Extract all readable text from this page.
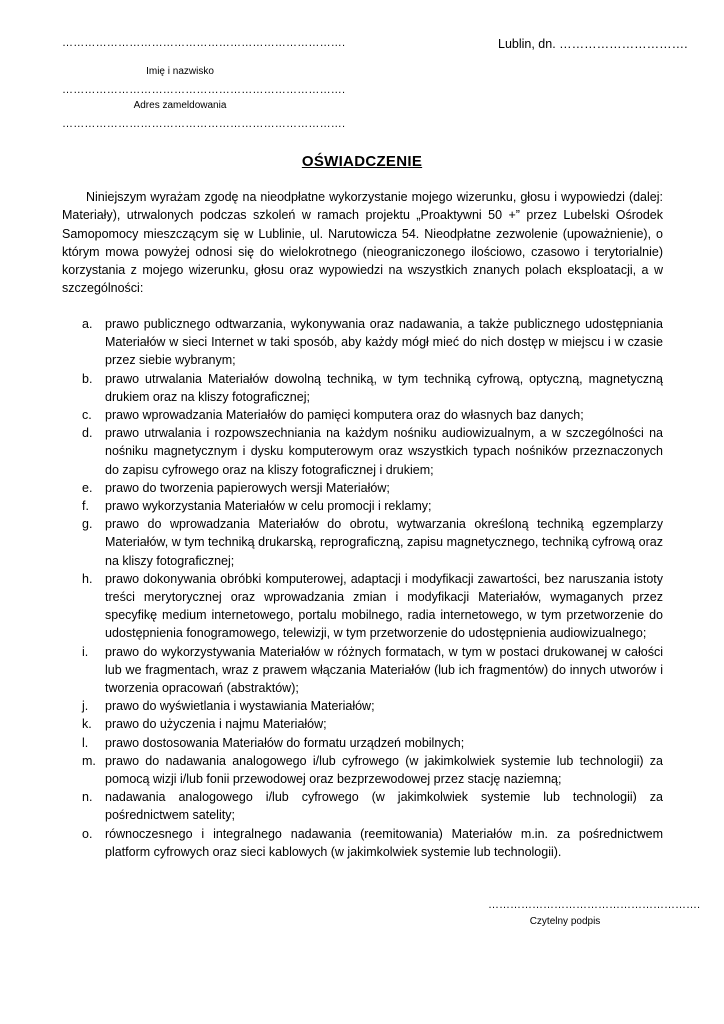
………………………………………………………………….
Imię i nazwisko
………………………………………………………………….
Adres zameldowania
………………………………………………………………….
Lublin, dn. ………………………….
OŚWIADCZENIE

Niniejszym wyrażam zgodę na nieodpłatne wykorzystanie mojego wizerunku, głosu i wypowiedzi (dalej: Materiały), utrwalonych podczas szkoleń w ramach projektu „Proaktywni 50 +” przez Lubelski Ośrodek Samopomocy mieszczącym się w Lublinie, ul. Narutowicza 54. Nieodpłatne zezwolenie (upoważnienie), o którym mowa powyżej odnosi się do wielokrotnego (nieograniczonego ilościowo, czasowo i terytorialnie) korzystania z mojego wizerunku, głosu oraz wypowiedzi na wszystkich znanych polach eksploatacji, a w szczególności:

a. prawo publicznego odtwarzania, wykonywania oraz nadawania, a także publicznego udostępniania Materiałów w sieci Internet w taki sposób, aby każdy mógł mieć do nich dostęp w miejscu i w czasie przez siebie wybranym;
b. prawo utrwalania Materiałów dowolną techniką, w tym techniką cyfrową, optyczną, magnetyczną drukiem oraz na kliszy fotograficznej;
c. prawo wprowadzania Materiałów do pamięci komputera oraz do własnych baz danych;
d. prawo utrwalania i rozpowszechniania na każdym nośniku audiowizualnym, a w szczególności na nośniku magnetycznym i dysku komputerowym oraz wszystkich typach nośników przeznaczonych do zapisu cyfrowego oraz na kliszy fotograficznej i drukiem;
e. prawo do tworzenia papierowych wersji Materiałów;
f. prawo wykorzystania Materiałów w celu promocji i reklamy;
g. prawo do wprowadzania Materiałów do obrotu, wytwarzania określoną techniką egzemplarzy Materiałów, w tym techniką drukarską, reprograficzną, zapisu magnetycznego, techniką cyfrową oraz na kliszy fotograficznej;
h. prawo dokonywania obróbki komputerowej, adaptacji i modyfikacji zawartości, bez naruszania istoty treści merytorycznej oraz wprowadzania zmian i modyfikacji Materiałów, wymaganych przez specyfikę medium internetowego, portalu mobilnego, radia internetowego, w tym przetworzenie do udostępnienia fonogramowego, telewizji, w tym przetworzenie do udostępnienia audiowizualnego;
i. prawo do wykorzystywania Materiałów w różnych formatach, w tym w postaci drukowanej w całości lub we fragmentach, wraz z prawem włączania Materiałów (lub ich fragmentów) do innych utworów i tworzenia opracowań (abstraktów);
j. prawo do wyświetlania i wystawiania Materiałów;
k. prawo do użyczenia i najmu Materiałów;
l. prawo dostosowania Materiałów do formatu urządzeń mobilnych;
m. prawo do nadawania analogowego i/lub cyfrowego (w jakimkolwiek systemie lub technologii) za pomocą wizji i/lub fonii przewodowej oraz bezprzewodowej przez stację naziemną;
n. nadawania analogowego i/lub cyfrowego (w jakimkolwiek systemie lub technologii) za pośrednictwem satelity;
o. równoczesnego i integralnego nadawania (reemitowania) Materiałów m.in. za pośrednictwem platform cyfrowych oraz sieci kablowych (w jakimkolwiek systemie lub technologii).
………………………………………………….
Czytelny podpis
